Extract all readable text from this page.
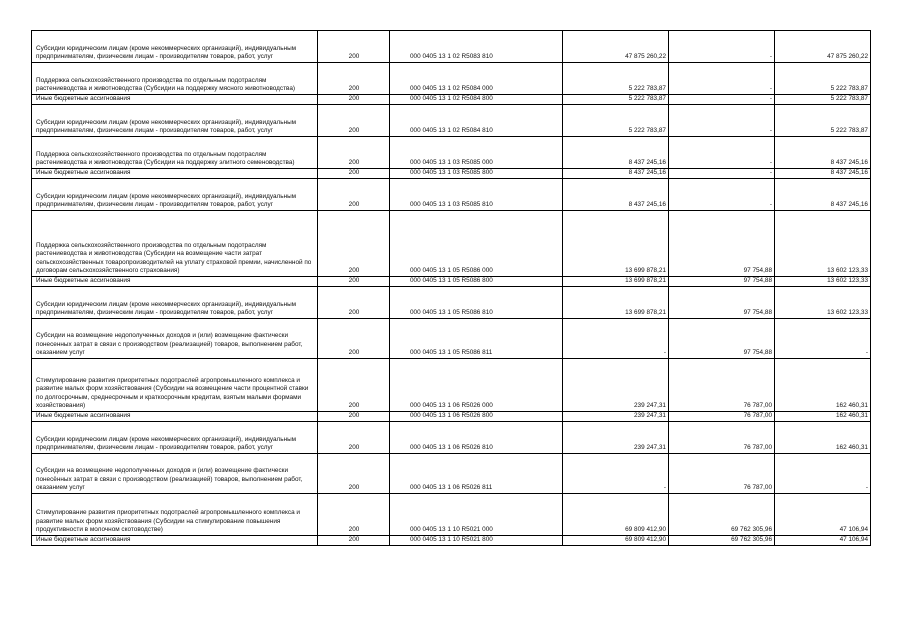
Субсидии юридическим лицам (кроме некоммерческих организаций), индивидуальным предпринимателям, физическим лицам - производителям товаров, работ, услуг	200	000 0405 13 1 02 R5083 810	47 875 260,22	-	47 875 260,22
Поддержка сельскохозяйственного производства по отдельным подотраслям растениеводства и животноводства (Субсидии на поддержку мясного животноводства)	200	000 0405 13 1 02 R5084 000	5 222 783,87	-	5 222 783,87
Иные бюджетные ассигнования	200	000 0405 13 1 02 R5084 800	5 222 783,87	-	5 222 783,87
Субсидии юридическим лицам (кроме некоммерческих организаций), индивидуальным предпринимателям, физическим лицам - производителям товаров, работ, услуг	200	000 0405 13 1 02 R5084 810	5 222 783,87	-	5 222 783,87
Поддержка сельскохозяйственного производства по отдельным подотраслям растениеводства и животноводства (Субсидии на поддержку элитного семеноводства)	200	000 0405 13 1 03 R5085 000	8 437 245,16	-	8 437 245,16
Иные бюджетные ассигнования	200	000 0405 13 1 03 R5085 800	8 437 245,16	-	8 437 245,16
Субсидии юридическим лицам (кроме некоммерческих организаций), индивидуальным предпринимателям, физическим лицам - производителям товаров, работ, услуг	200	000 0405 13 1 03 R5085 810	8 437 245,16	-	8 437 245,16
Поддержка сельскохозяйственного производства по отдельным подотраслям растениеводства и животноводства (Субсидии на возмещение части затрат сельскохозяйственных товаропроизводителей на уплату страховой премии, начисленной по договорам сельскохозяйственного страхования)	200	000 0405 13 1 05 R5086 000	13 699 878,21	97 754,88	13 602 123,33
Иные бюджетные ассигнования	200	000 0405 13 1 05 R5086 800	13 699 878,21	97 754,88	13 602 123,33
Субсидии юридическим лицам (кроме некоммерческих организаций), индивидуальным предпринимателям, физическим лицам - производителям товаров, работ, услуг	200	000 0405 13 1 05 R5086 810	13 699 878,21	97 754,88	13 602 123,33
Субсидии на возмещение недополученных доходов и (или) возмещение фактически понесенных затрат в связи с производством (реализацией) товаров, выполнением работ, оказанием услуг	200	000 0405 13 1 05 R5086 811	-	97 754,88	-
Стимулирование развития приоритетных подотраслей агропромышленного комплекса и развитие малых форм хозяйствования (Субсидии на возмещение части процентной ставки по долгосрочным, среднесрочным и краткосрочным кредитам, взятым малыми формами хозяйствования)	200	000 0405 13 1 06 R5026 000	239 247,31	76 787,00	162 460,31
Иные бюджетные ассигнования	200	000 0405 13 1 06 R5026 800	239 247,31	76 787,00	162 460,31
Субсидии юридическим лицам (кроме некоммерческих организаций), индивидуальным предпринимателям, физическим лицам - производителям товаров, работ, услуг	200	000 0405 13 1 06 R5026 810	239 247,31	76 787,00	162 460,31
Субсидии на возмещение недополученных доходов и (или) возмещение фактически понесённых затрат в связи с производством (реализацией) товаров, выполнением работ, оказанием услуг	200	000 0405 13 1 06 R5026 811	-	76 787,00	-
Стимулирование развития приоритетных подотраслей агропромышленного комплекса и развитие малых форм хозяйствования (Субсидии на стимулирование повышения продуктивности в молочном скотоводстве)	200	000 0405 13 1 10 R5021 000	69 809 412,90	69 762 305,96	47 106,94
Иные бюджетные ассигнования	200	000 0405 13 1 10 R5021 800	69 809 412,90	69 762 305,96	47 106,94
